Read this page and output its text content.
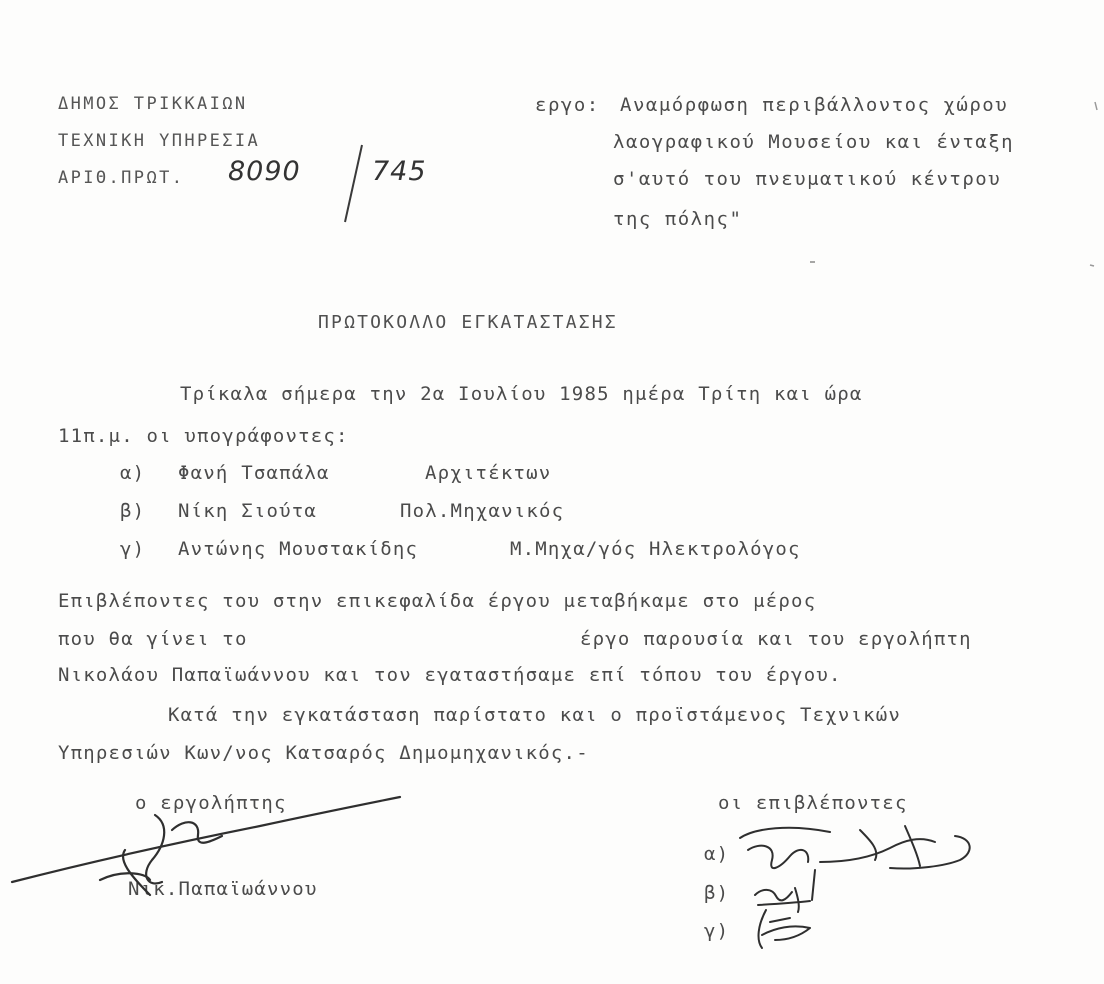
ΔΗΜΟΣ ΤΡΙΚΚΑΙΩΝ
ΤΕΧΝΙΚΗ ΥΠΗΡΕΣΙΑ
ΑΡΙΘ.ΠΡΩΤ. 8090	745
εργο: Αναμόρφωση περιβάλλοντος χώρου
λαογραφικού Μουσείου και ένταξη
σ'αυτό του πνευματικού κέντρου
της πόλης"
ΠΡΩΤΟΚΟΛΛΟ ΕΓΚΑΤΑΣΤΑΣΗΣ
Τρίκαλα σήμερα την 2α Ιουλίου 1985 ημέρα Τρίτη και ώρα
11π.μ. οι υπογράφοντες:
α) Φανή Τσαπάλα	Αρχιτέκτων
β) Νίκη Σιούτα	Πολ.Μηχανικός
γ) Αντώνης Μουστακίδης	Μ.Μηχα/γός Ηλεκτρολόγος
Επιβλέποντες του στην επικεφαλίδα έργου μεταβήκαμε στο μέρος
που θα γίνει το	έργο παρουσία και του εργολήπτη
Νικολάου Παπαϊωάννου και τον εγαταστήσαμε επί τόπου του έργου.
Κατά την εγκατάσταση παρίστατο και ο προϊστάμενος Τεχνικών
Υπηρεσιών Κων/νος Κατσαρός Δημομηχανικός.-
ο εργολήπτης
Νικ.Παπαϊωάννου
οι επιβλέποντες
α)
β)
γ)
